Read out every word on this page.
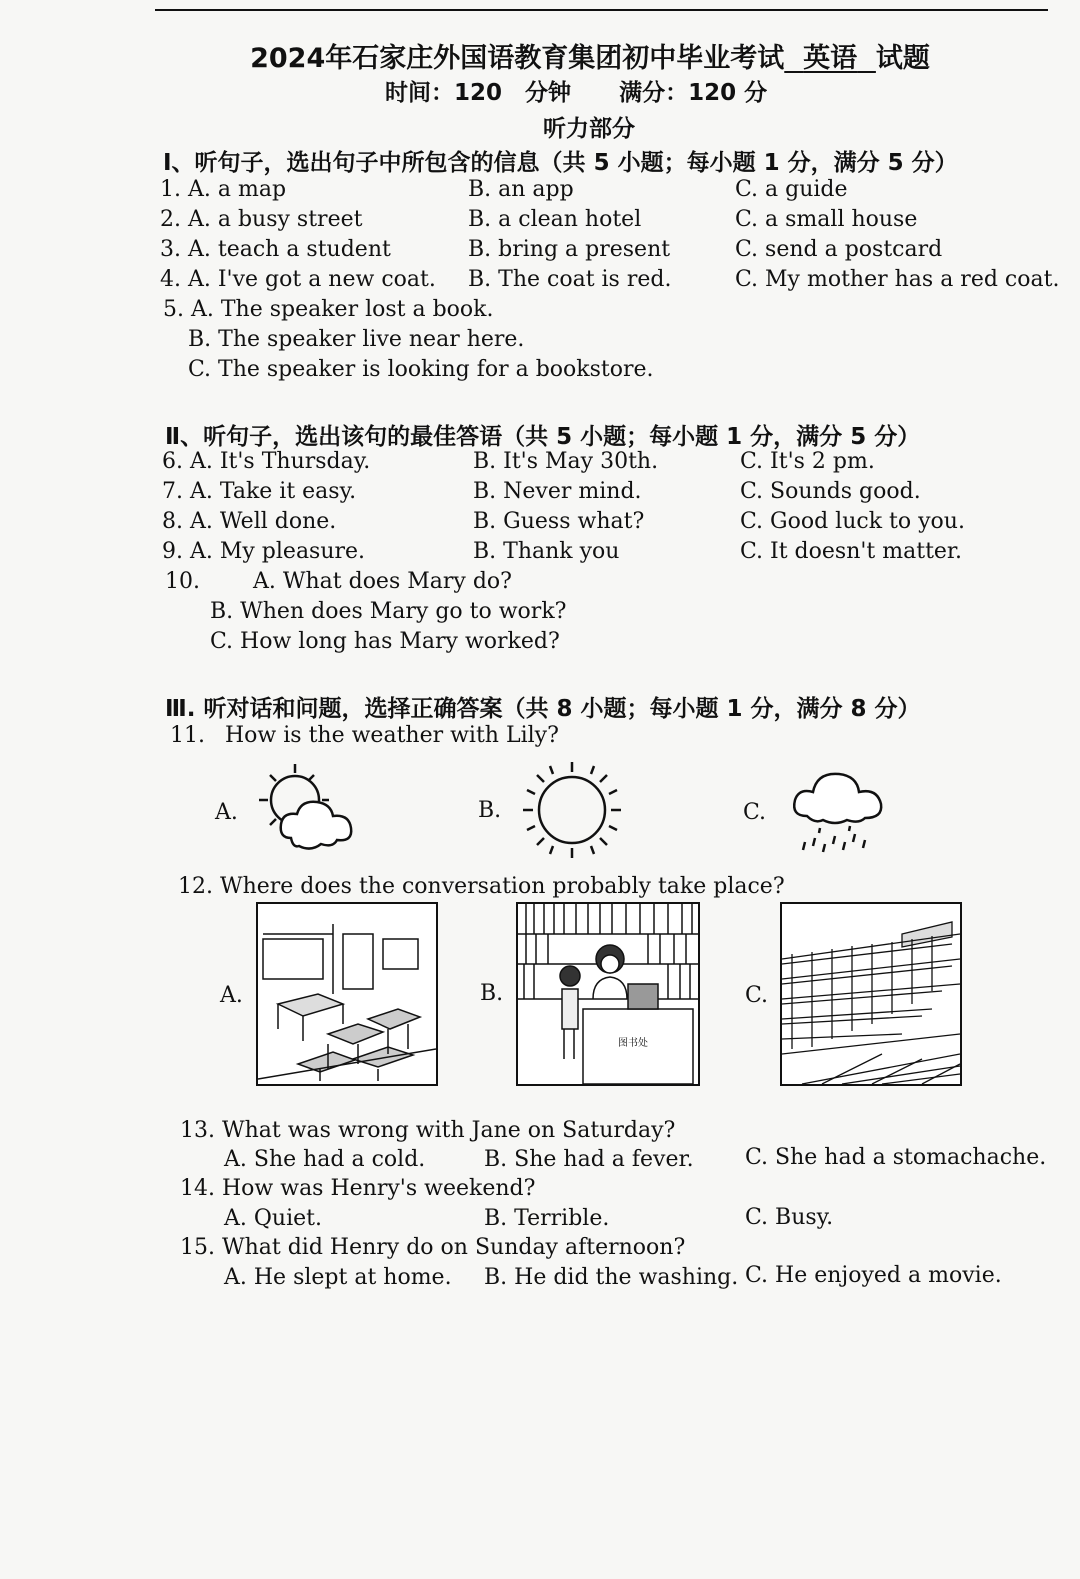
2024年石家庄外国语教育集团初中毕业考试 英语 试题
时间：120　分钟 满分：120 分
听力部分
Ⅰ、听句子，选出句子中所包含的信息（共 5 小题；每小题 1 分，满分 5 分）
1. A. a map	B. an app	C. a guide
2. A. a busy street	B. a clean hotel	C. a small house
3. A. teach a student	B. bring a present	C. send a postcard
4. A. I've got a new coat. B. The coat is red.	C. My mother has a red coat.
5. A. The speaker lost a book.
B. The speaker live near here.
C. The speaker is looking for a bookstore.
Ⅱ、听句子，选出该句的最佳答语（共 5 小题；每小题 1 分，满分 5 分）
6. A. It's Thursday.	B. It's May 30th.	C. It's 2 pm.
7. A. Take it easy.	B. Never mind.	C. Sounds good.
8. A. Well done.	B. Guess what?	C. Good luck to you.
9. A. My pleasure.	B. Thank you	C. It doesn't matter.
10. A. What does Mary do?
B. When does Mary go to work?
C. How long has Mary worked?
Ⅲ. 听对话和问题，选择正确答案（共 8 小题；每小题 1 分，满分 8 分）
11. How is the weather with Lily?
A.	B.	C.
12. Where does the conversation probably take place?
A.	B.	C.
图书处
13. What was wrong with Jane on Saturday?
A. She had a cold.	B. She had a fever. C. She had a stomachache.
14. How was Henry's weekend?
A. Quiet.	B. Terrible.	C. Busy.
15. What did Henry do on Sunday afternoon?
A. He slept at home. B. He did the washing. C. He enjoyed a movie.
